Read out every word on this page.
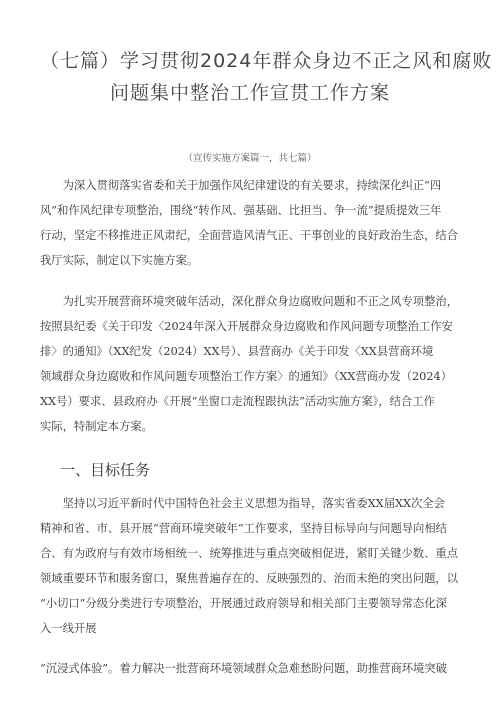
（七篇）学习贯彻2024年群众身边不正之风和腐败
问题集中整治工作宣贯工作方案
（宣传实施方案篇一，共七篇）
　　为深入贯彻落实省委和关于加强作风纪律建设的有关要求，持续深化纠正“四
风”和作风纪律专项整治，围绕“转作风、强基础、比担当、争一流”提质提效三年
行动，坚定不移推进正风肃纪，全面营造风清气正、干事创业的良好政治生态，结合
我厅实际，制定以下实施方案。
　　为扎实开展营商环境突破年活动，深化群众身边腐败问题和不正之风专项整治，
按照县纪委《关于印发〈2024年深入开展群众身边腐败和作风问题专项整治工作安
排〉的通知》（XX纪发（2024）XX号）、县营商办《关于印发〈XX县营商环境
领域群众身边腐败和作风问题专项整治工作方案〉的通知》（XX营商办发（2024）
XX号）要求、县政府办《开展“坐窗口走流程跟执法”活动实施方案》，结合工作
实际，特制定本方案。
一、目标任务
　　坚持以习近平新时代中国特色社会主义思想为指导，落实省委XX届XX次全会
精神和省、市、县开展“营商环境突破年”工作要求，坚持目标导向与问题导向相结
合、有为政府与有效市场相统一、统筹推进与重点突破相促进，紧盯关键少数、重点
领域重要环节和服务窗口，聚焦普遍存在的、反映强烈的、治而未绝的突出问题，以
“小切口”分级分类进行专项整治，开展通过政府领导和相关部门主要领导常态化深
入一线开展
“沉浸式体验”。着力解决一批营商环境领域群众急难愁盼问题，助推营商环境突破
